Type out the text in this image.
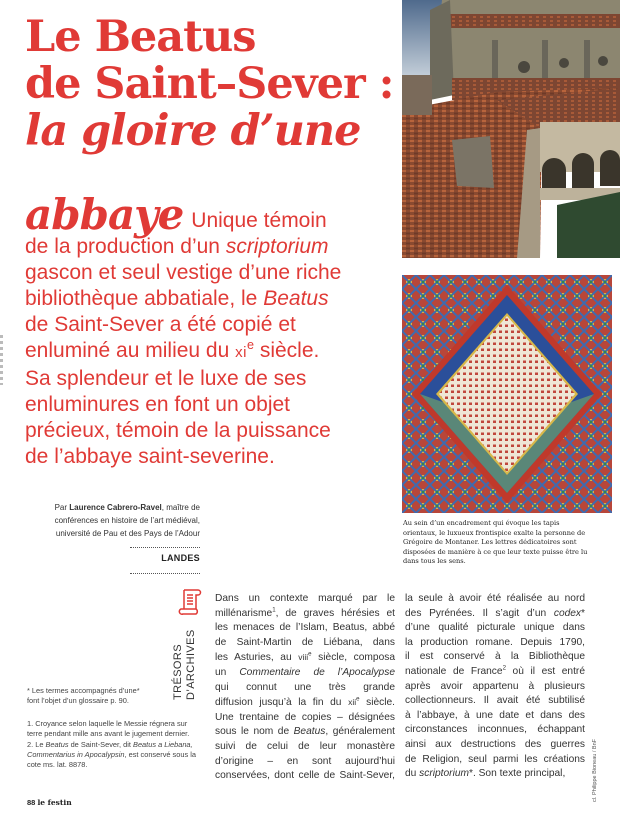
Le Beatus
de Saint–Sever :
la gloire d’une
abbaye Unique témoin
de la production d’un scriptorium
gascon et seul vestige d’une riche
bibliothèque abbatiale, le Beatus
de Saint-Sever a été copié et
enluminé au milieu du $xi^e$ siècle.
Sa splendeur et le luxe de ses
enluminures en font un objet
précieux, témoin de la puissance
de l’abbaye saint-severine.
Par Laurence Cabrero-Ravel, maître de
conférences en histoire de l’art médiéval,
université de Pau et des Pays de l’Adour
LANDES
Au sein d’un encadrement qui évoque les tapis orientaux, le luxueux frontispice exalte la personne de Grégoire de Montaner. Les lettres dédicatoires sont disposées de manière à ce que leur texte puisse être lu dans tous les sens.
TRÉSORS D’ARCHIVES
Dans un contexte marqué par le
millénarisme$^1$, de graves hérésies et
les menaces de l’Islam, Beatus, abbé
de Saint-Martin de Liébana, dans
les Asturies, au viii$^e$ siècle, composa
un Commentaire de l’Apocalypse
qui connut une très grande
diffusion jusqu’à la fin du xii$^e$ siècle.
Une trentaine de copies – désignées
sous le nom de Beatus, généralement
suivi de celui de leur monastère
d’origine – en sont aujourd’hui
conservées, dont celle de Saint-Sever,
la seule à avoir été réalisée au nord
des Pyrénées. Il s’agit d’un codex*
d’une qualité picturale unique dans
la production romane. Depuis 1790,
il est conservé à la Bibliothèque
nationale de France$^2$ où il est entré
après avoir appartenu à plusieurs
collectionneurs. Il avait été subtilisé
à l’abbaye, à une date et dans des
circonstances inconnues, échappant
ainsi aux destructions des guerres
de Religion, seul parmi les créations
du scriptorium*. Son texte principal,
* Les termes accompagnés d’une*
font l’objet d’un glossaire p. 90.
1. Croyance selon laquelle le Messie régnera sur terre pendant mille ans avant le jugement dernier.
2. Le Beatus de Saint-Sever, dit Beatus a Liebana, Commentarius in Apocalypsin, est conservé sous la cote ms. lat. 8878.
88 le festin
cl. Philippe Bioneau / BnF
